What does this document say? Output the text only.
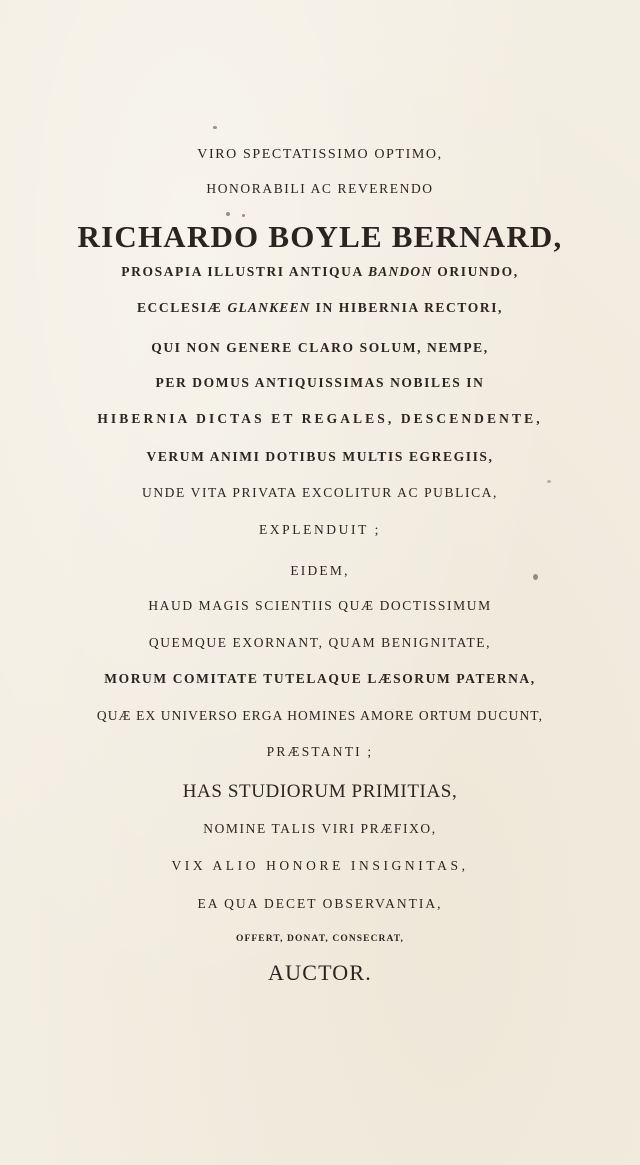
VIRO SPECTATISSIMO OPTIMO,
HONORABILI AC REVERENDO
RICHARDO BOYLE BERNARD,
PROSAPIA ILLUSTRI ANTIQUA BANDON ORIUNDO,
ECCLESIÆ GLANKEEN IN HIBERNIA RECTORI,
QUI NON GENERE CLARO SOLUM, NEMPE,
PER DOMUS ANTIQUISSIMAS NOBILES IN
HIBERNIA DICTAS ET REGALES, DESCENDENTE,
VERUM ANIMI DOTIBUS MULTIS EGREGIIS,
UNDE VITA PRIVATA EXCOLITUR AC PUBLICA,
EXPLENDUIT ;
EIDEM,
HAUD MAGIS SCIENTIIS QUÆ DOCTISSIMUM
QUEMQUE EXORNANT, QUAM BENIGNITATE,
MORUM COMITATE TUTELAQUE LÆSORUM PATERNA,
QUÆ EX UNIVERSO ERGA HOMINES AMORE ORTUM DUCUNT,
PRÆSTANTI ;
HAS STUDIORUM PRIMITIAS,
NOMINE TALIS VIRI PRÆFIXO,
VIX ALIO HONORE INSIGNITAS,
EA QUA DECET OBSERVANTIA,
OFFERT, DONAT, CONSECRAT,
AUCTOR.
